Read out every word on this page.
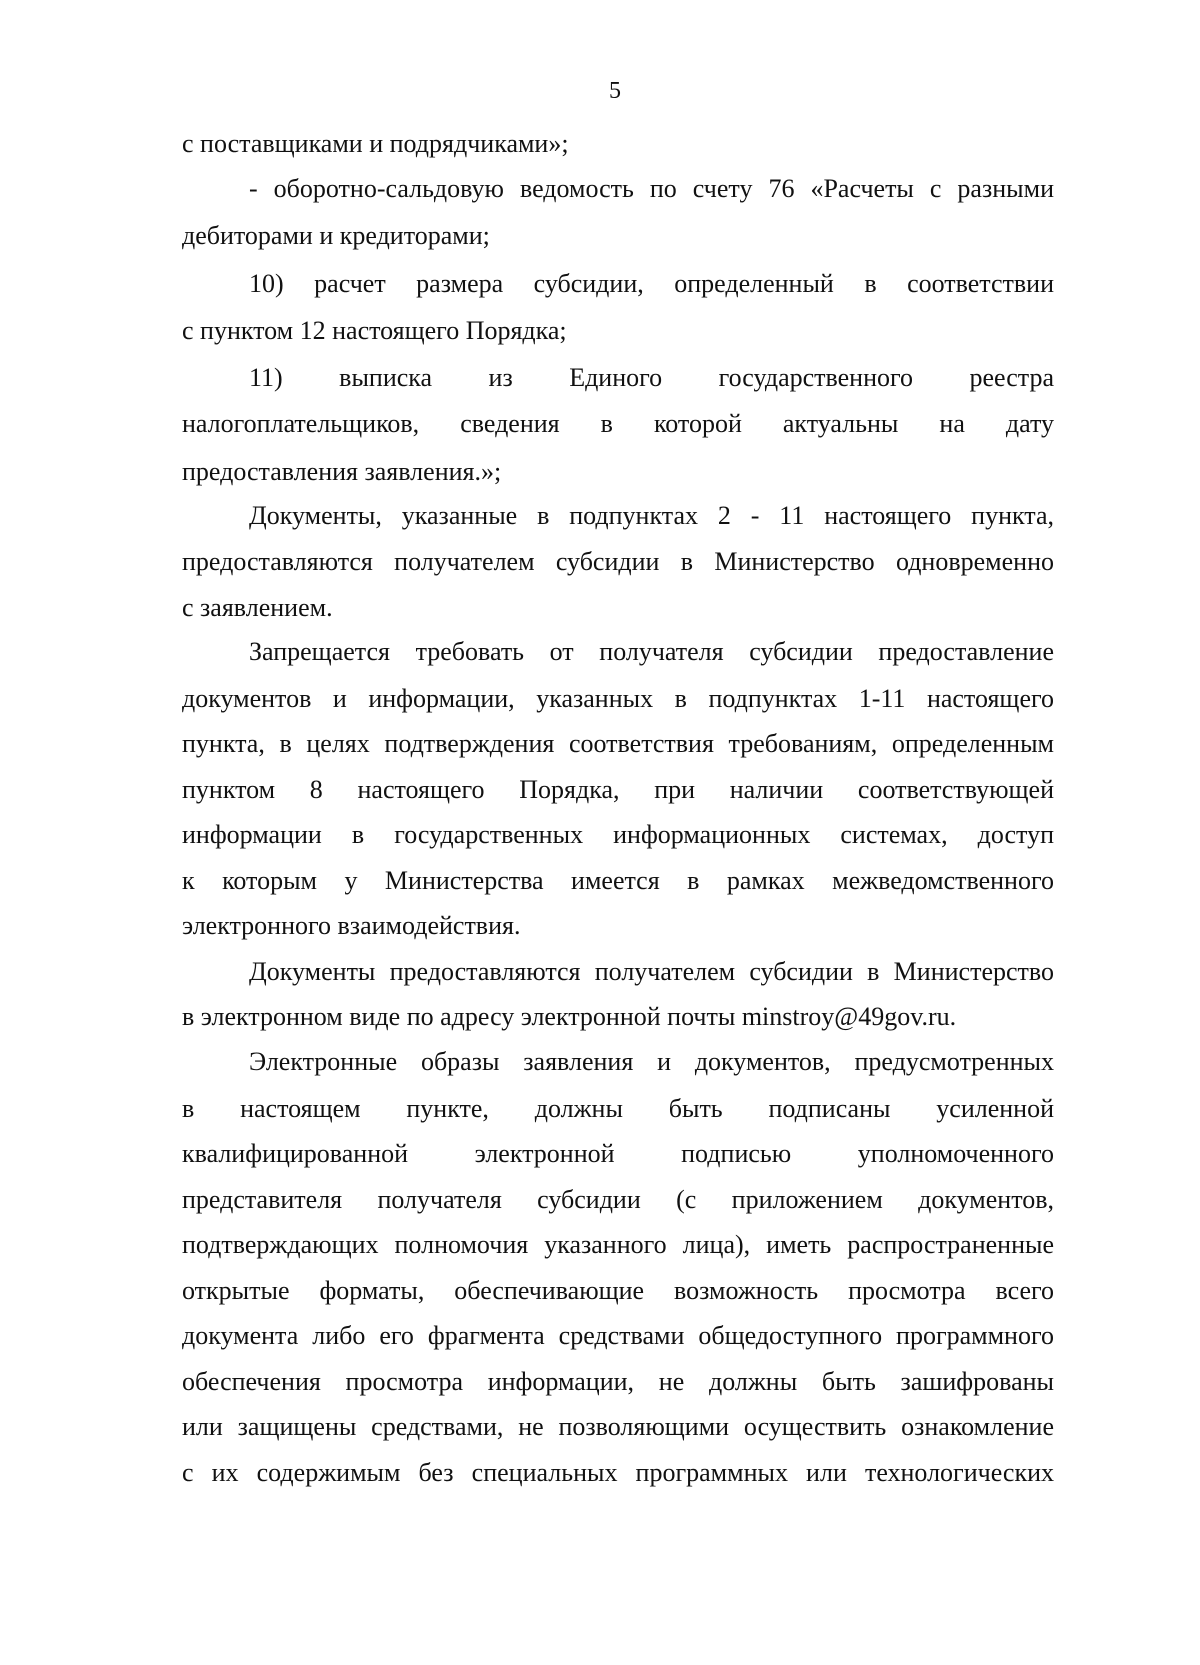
5
с поставщиками и подрядчиками»;
- оборотно-сальдовую ведомость по счету 76 «Расчеты с разными
дебиторами и кредиторами;
10) расчет размера субсидии, определенный в соответствии
с пунктом 12 настоящего Порядка;
11) выписка из Единого государственного реестра
налогоплательщиков, сведения в которой актуальны на дату
предоставления заявления.»;
Документы, указанные в подпунктах 2 - 11 настоящего пункта,
предоставляются получателем субсидии в Министерство одновременно
с заявлением.
Запрещается требовать от получателя субсидии предоставление
документов и информации, указанных в подпунктах 1-11 настоящего
пункта, в целях подтверждения соответствия требованиям, определенным
пунктом 8 настоящего Порядка, при наличии соответствующей
информации в государственных информационных системах, доступ
к которым у Министерства имеется в рамках межведомственного
электронного взаимодействия.
Документы предоставляются получателем субсидии в Министерство
в электронном виде по адресу электронной почты minstroy@49gov.ru.
Электронные образы заявления и документов, предусмотренных
в настоящем пункте, должны быть подписаны усиленной
квалифицированной электронной подписью уполномоченного
представителя получателя субсидии (с приложением документов,
подтверждающих полномочия указанного лица), иметь распространенные
открытые форматы, обеспечивающие возможность просмотра всего
документа либо его фрагмента средствами общедоступного программного
обеспечения просмотра информации, не должны быть зашифрованы
или защищены средствами, не позволяющими осуществить ознакомление
с их содержимым без специальных программных или технологических
